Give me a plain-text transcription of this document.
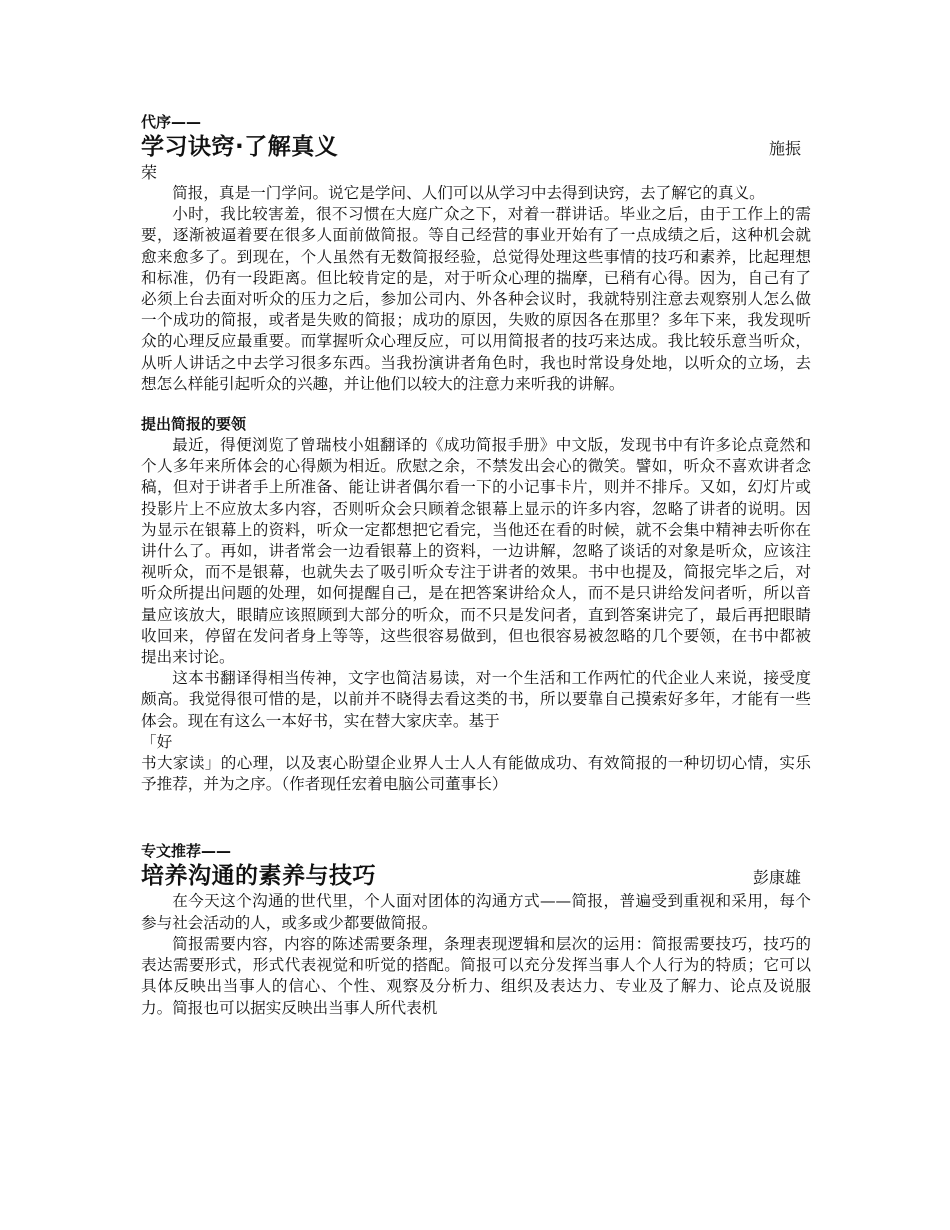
代序——

学习诀窍·了解真义	施振

荣

简报，真是一门学问。说它是学问、人们可以从学习中去得到诀窍，去了解它的真义。

小时，我比较害羞，很不习惯在大庭广众之下，对着一群讲话。毕业之后，由于工作上的需要，逐渐被逼着要在很多人面前做简报。等自己经营的事业开始有了一点成绩之后，这种机会就愈来愈多了。到现在，个人虽然有无数简报经验，总觉得处理这些事情的技巧和素养，比起理想和标准，仍有一段距离。但比较肯定的是，对于听众心理的揣摩，已稍有心得。因为，自己有了必须上台去面对听众的压力之后，参加公司内、外各种会议时，我就特别注意去观察别人怎么做一个成功的简报，或者是失败的简报；成功的原因，失败的原因各在那里？多年下来，我发现听众的心理反应最重要。而掌握听众心理反应，可以用简报者的技巧来达成。我比较乐意当听众，从听人讲话之中去学习很多东西。当我扮演讲者角色时，我也时常设身处地，以听众的立场，去想怎么样能引起听众的兴趣，并让他们以较大的注意力来听我的讲解。

提出简报的要领

最近，得便浏览了曾瑞枝小姐翻译的《成功简报手册》中文版，发现书中有许多论点竟然和个人多年来所体会的心得颇为相近。欣慰之余，不禁发出会心的微笑。譬如，听众不喜欢讲者念稿，但对于讲者手上所准备、能让讲者偶尔看一下的小记事卡片，则并不排斥。又如，幻灯片或投影片上不应放太多内容，否则听众会只顾着念银幕上显示的许多内容，忽略了讲者的说明。因为显示在银幕上的资料，听众一定都想把它看完，当他还在看的时候，就不会集中精神去听你在讲什么了。再如，讲者常会一边看银幕上的资料，一边讲解，忽略了谈话的对象是听众，应该注视听众，而不是银幕，也就失去了吸引听众专注于讲者的效果。书中也提及，简报完毕之后，对听众所提出问题的处理，如何提醒自己，是在把答案讲给众人，而不是只讲给发问者听，所以音量应该放大，眼睛应该照顾到大部分的听众，而不只是发问者，直到答案讲完了，最后再把眼睛收回来，停留在发问者身上等等，这些很容易做到，但也很容易被忽略的几个要领，在书中都被提出来讨论。

这本书翻译得相当传神，文字也简洁易读，对一个生活和工作两忙的代企业人来说，接受度颇高。我觉得很可惜的是，以前并不晓得去看这类的书，所以要靠自己摸索好多年，才能有一些体会。现在有这么一本好书，实在替大家庆幸。基于

「好

书大家读」的心理，以及衷心盼望企业界人士人人有能做成功、有效简报的一种切切心情，实乐予推荐，并为之序。（作者现任宏着电脑公司董事长）

专文推荐——

培养沟通的素养与技巧	彭康雄

在今天这个沟通的世代里，个人面对团体的沟通方式——简报，普遍受到重视和采用，每个参与社会活动的人，或多或少都要做简报。

简报需要内容，内容的陈述需要条理，条理表现逻辑和层次的运用：简报需要技巧，技巧的表达需要形式，形式代表视觉和听觉的搭配。简报可以充分发挥当事人个人行为的特质；它可以具体反映出当事人的信心、个性、观察及分析力、组织及表达力、专业及了解力、论点及说服力。简报也可以据实反映出当事人所代表机
